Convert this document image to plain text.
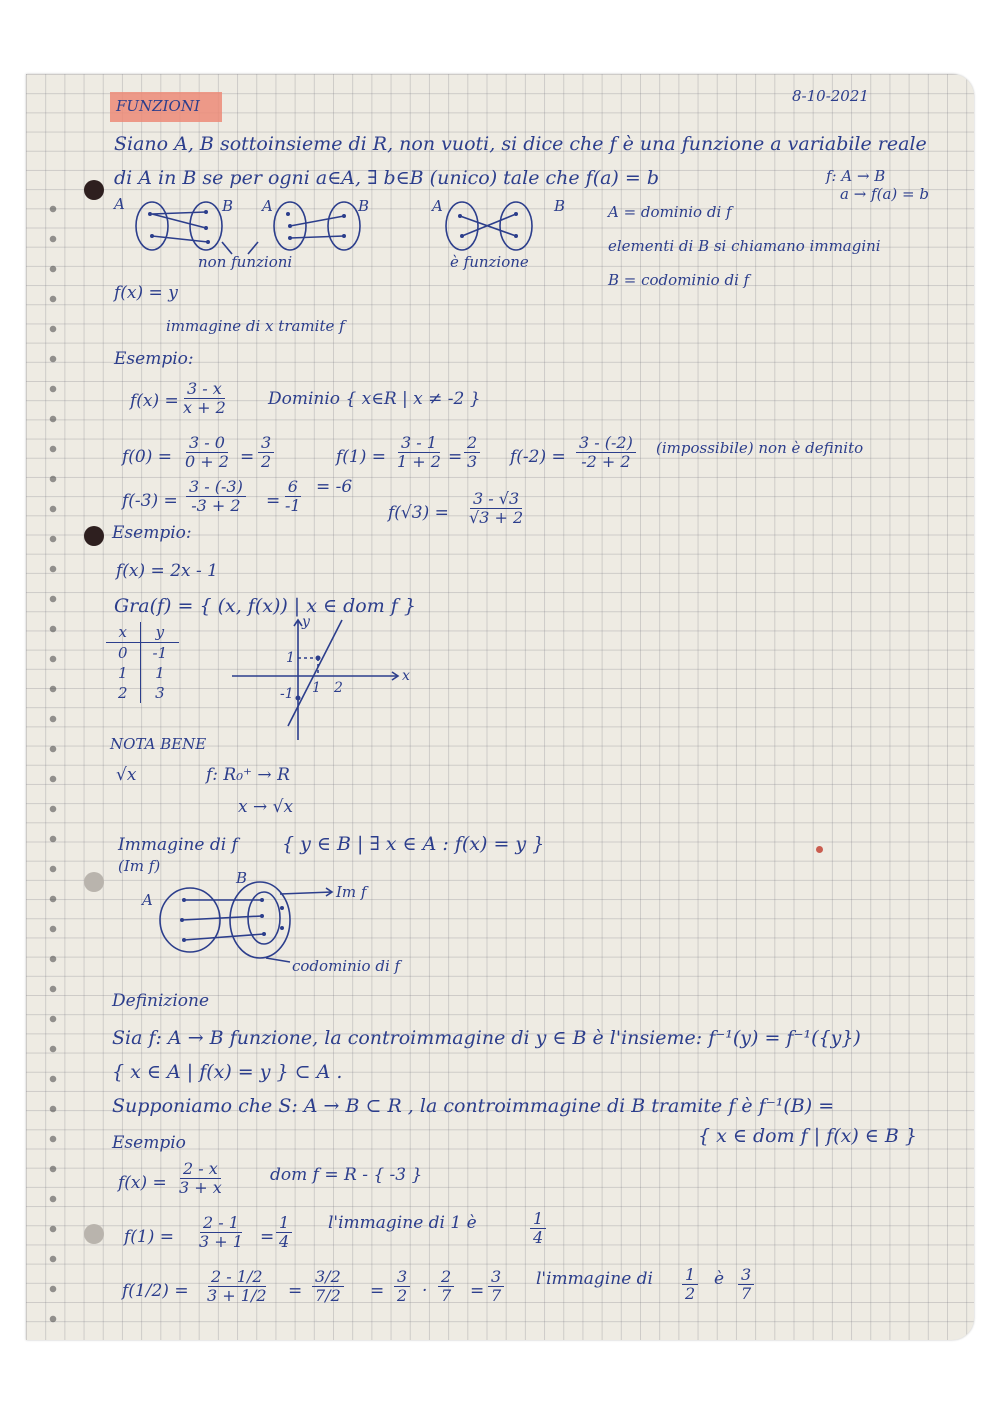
FUNZIONI
8-10-2021
Siano A, B sottoinsieme di R, non vuoti, si dice che f è una funzione a variabile reale
di A in B se per ogni a∈A, ∃ b∈B (unico) tale che f(a) = b	f: A → B
a → f(a) = b
A	B A	B	A	B
non funzioni	è funzione
A = dominio di f
elementi di B si chiamano immagini
B = codominio di f
f(x) = y
immagine di x tramite f
Esempio:
$f(x) = \frac{3 - x}{x + 2}$ Dominio { x∈R | x ≠ -2 }
$f(0) = \frac{3 - 0}{0 + 2} = \frac{3}{2}$	$f(1) = \frac{3 - 1}{1 + 2} = \frac{2}{3} f(-2) = \frac{3 - (-2)}{-2 + 2}$ (impossibile) non è definito
$f(-3) = \frac{3 - (-3)}{-3 + 2} = \frac{6}{-1} = -6$
$f(√3) = \frac{3 - √3}{√3 + 2}$
Esempio:
f(x) = 2x - 1
Gra(f) = { (x, f(x)) | x ∈ dom f }
x	y
0	-1
1	1
2	3
x
y
1 2
-1
1
NOTA BENE
√x	f: R₀⁺ → R
x → √x
Immagine di f
(Im f)
{ y ∈ B | ∃ x ∈ A : f(x) = y }
A
B
Im f
codominio di f
Definizione
Sia f: A → B funzione, la controimmagine di y ∈ B è l'insieme: f⁻¹(y) = f⁻¹({y})
{ x ∈ A | f(x) = y } ⊂ A .
Supponiamo che S: A → B ⊂ R , la controimmagine di B tramite f è f⁻¹(B) =
{ x ∈ dom f | f(x) ∈ B }
Esempio
$f(x) = \frac{2 - x}{3 + x}$	dom f = R - { -3 }
$f(1) = \frac{2 - 1}{3 + 1} = \frac{1}{4}$ l'immagine di 1 è	$\frac{1}{4}$
$f(1/2) = \frac{2 - 1/2}{3 + 1/2} = \frac{3/2}{7/2} = \frac{3}{2} \cdot \frac{2}{7} = \frac{3}{7}$ l'immagine di $\frac{1}{2}$ è $\frac{3}{7}$
